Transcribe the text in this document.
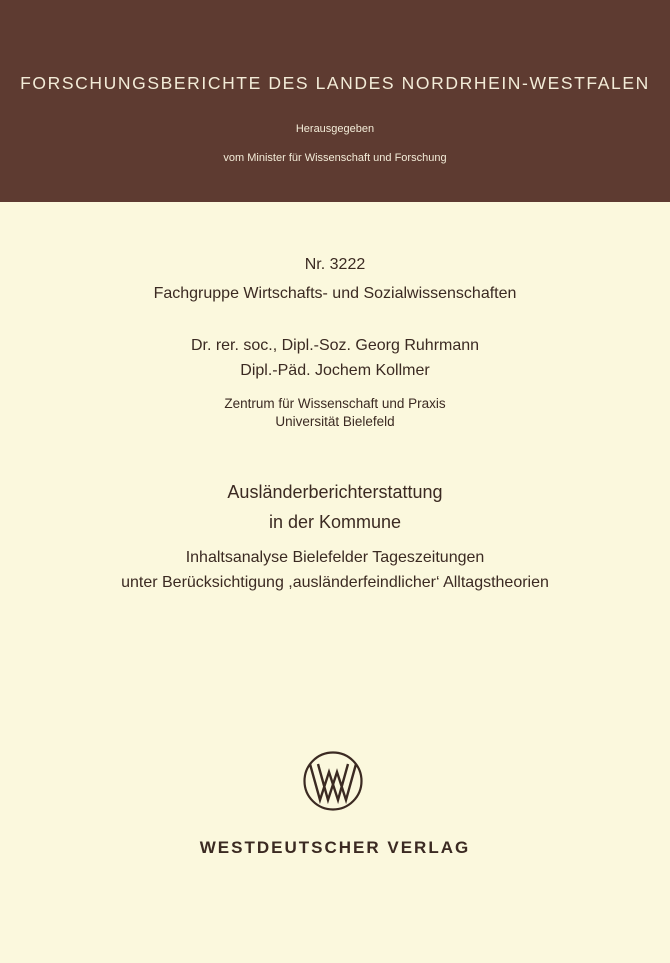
FORSCHUNGSBERICHTE DES LANDES NORDRHEIN-WESTFALEN
Herausgegeben
vom Minister für Wissenschaft und Forschung
Nr. 3222
Fachgruppe Wirtschafts- und Sozialwissenschaften
Dr. rer. soc., Dipl.-Soz. Georg Ruhrmann
Dipl.-Päd. Jochem Kollmer
Zentrum für Wissenschaft und Praxis
Universität Bielefeld
Ausländerberichterstattung
in der Kommune
Inhaltsanalyse Bielefelder Tageszeitungen
unter Berücksichtigung ,ausländerfeindlicher‘ Alltagstheorien
WESTDEUTSCHER VERLAG
